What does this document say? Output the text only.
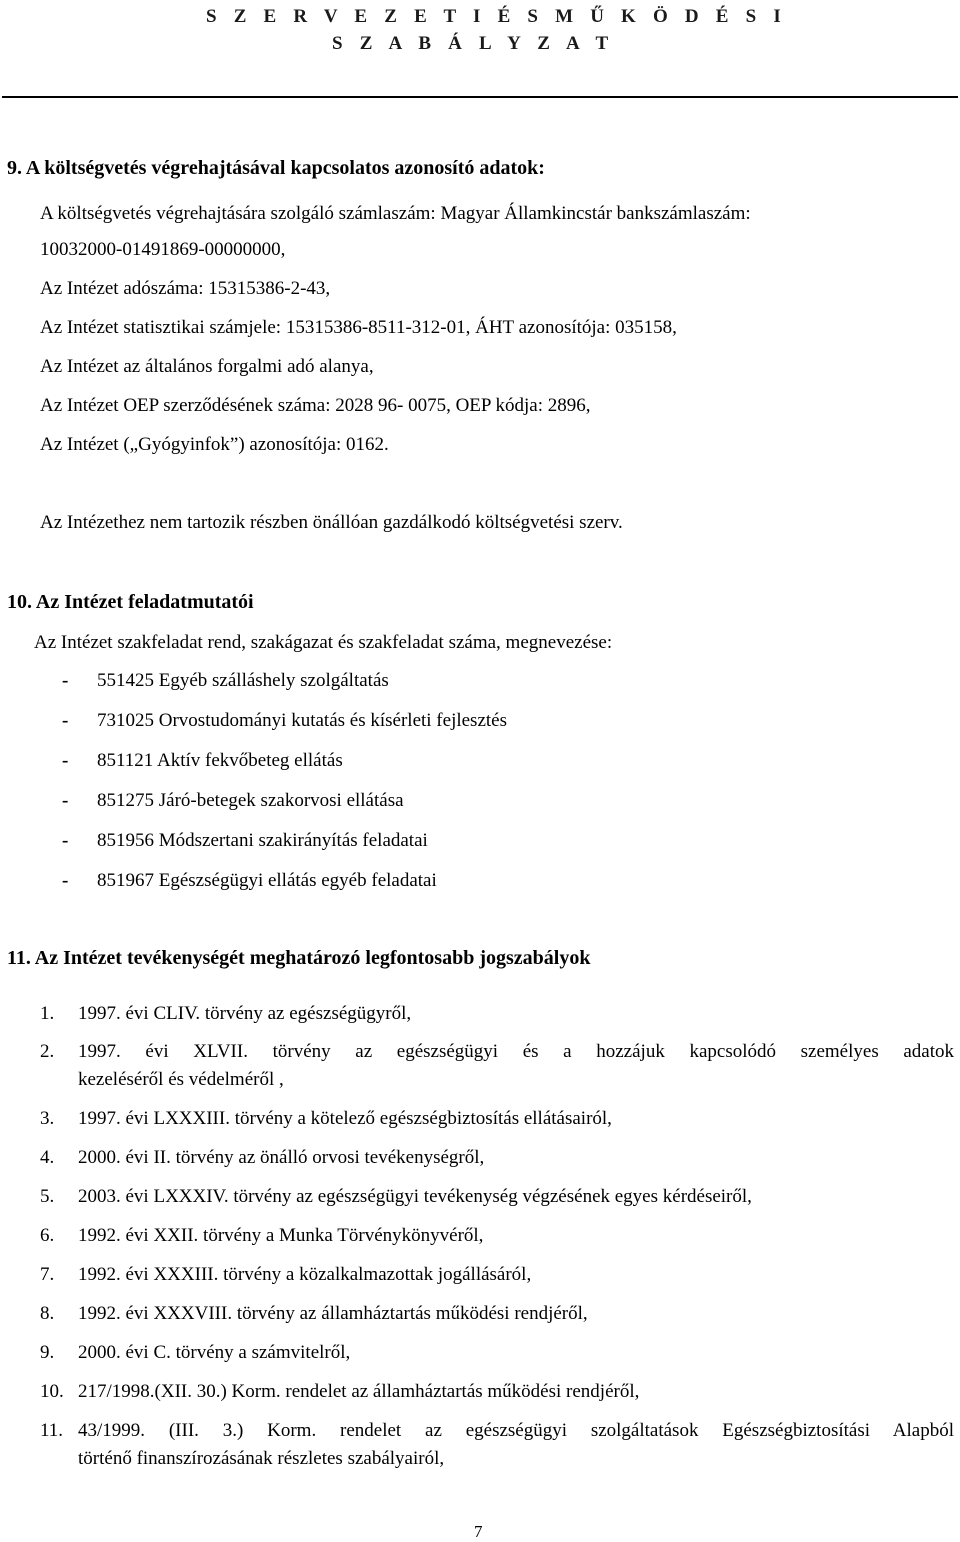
S Z E R V E Z E T I É S M Ű K Ö D É S I
S Z A B Á L Y Z A T
9. A költségvetés végrehajtásával kapcsolatos azonosító adatok:
A költségvetés végrehajtására szolgáló számlaszám: Magyar Államkincstár bankszámlaszám:
10032000-01491869-00000000,
Az Intézet adószáma: 15315386-2-43,
Az Intézet statisztikai számjele: 15315386-8511-312-01, ÁHT azonosítója: 035158,
Az Intézet az általános forgalmi adó alanya,
Az Intézet OEP szerződésének száma: 2028 96- 0075, OEP kódja: 2896,
Az Intézet („Gyógyinfok”) azonosítója: 0162.
Az Intézethez nem tartozik részben önállóan gazdálkodó költségvetési szerv.
10. Az Intézet feladatmutatói
Az Intézet szakfeladat rend, szakágazat és szakfeladat száma, megnevezése:
- 551425 Egyéb szálláshely szolgáltatás
- 731025 Orvostudományi kutatás és kísérleti fejlesztés
- 851121 Aktív fekvőbeteg ellátás
- 851275 Járó-betegek szakorvosi ellátása
- 851956 Módszertani szakirányítás feladatai
- 851967 Egészségügyi ellátás egyéb feladatai
11. Az Intézet tevékenységét meghatározó legfontosabb jogszabályok
1. 1997. évi CLIV. törvény az egészségügyről,
2. 1997. évi XLVII. törvény az egészségügyi és a hozzájuk kapcsolódó személyes adatok
kezeléséről és védelméről ,
3. 1997. évi LXXXIII. törvény a kötelező egészségbiztosítás ellátásairól,
4. 2000. évi II. törvény az önálló orvosi tevékenységről,
5. 2003. évi LXXXIV. törvény az egészségügyi tevékenység végzésének egyes kérdéseiről,
6. 1992. évi XXII. törvény a Munka Törvénykönyvéről,
7. 1992. évi XXXIII. törvény a közalkalmazottak jogállásáról,
8. 1992. évi XXXVIII. törvény az államháztartás működési rendjéről,
9. 2000. évi C. törvény a számvitelről,
10. 217/1998.(XII. 30.) Korm. rendelet az államháztartás működési rendjéről,
11. 43/1999. (III. 3.) Korm. rendelet az egészségügyi szolgáltatások Egészségbiztosítási Alapból
történő finanszírozásának részletes szabályairól,
7
